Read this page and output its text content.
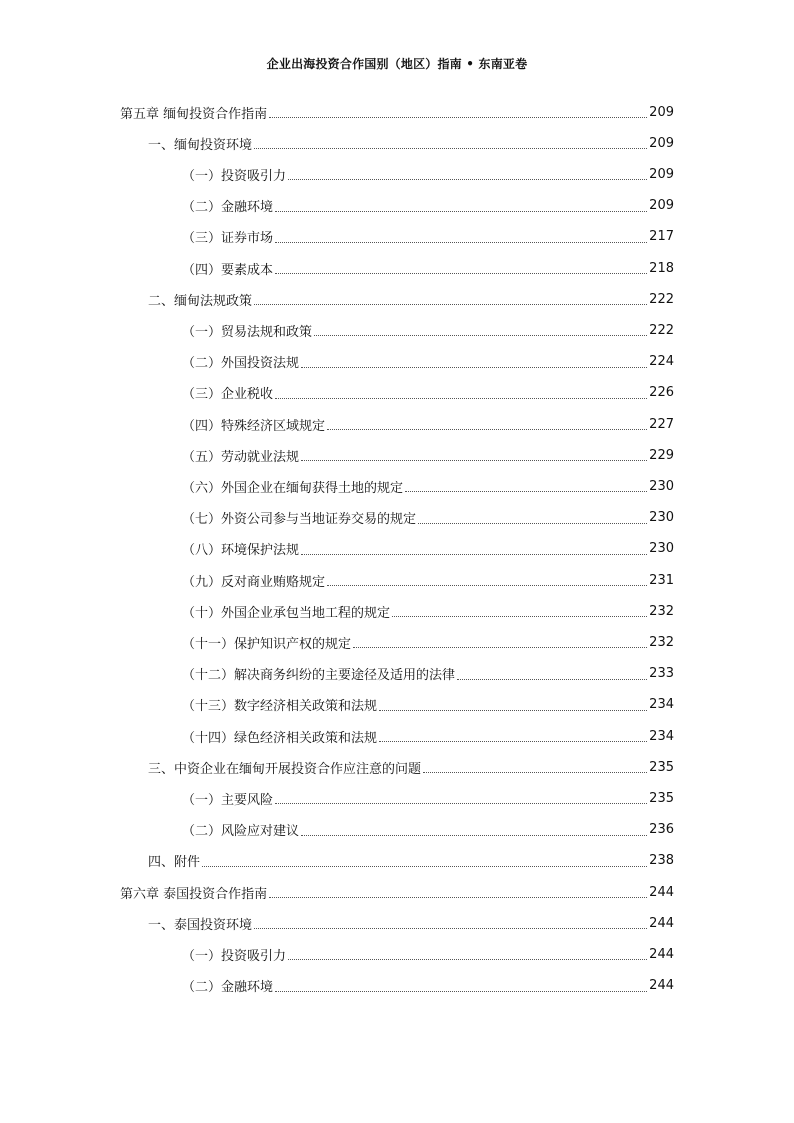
企业出海投资合作国别（地区）指南 • 东南亚卷
第五章 缅甸投资合作指南	209
一、缅甸投资环境	209
（一）投资吸引力	209
（二）金融环境	209
（三）证券市场	217
（四）要素成本	218
二、缅甸法规政策	222
（一）贸易法规和政策	222
（二）外国投资法规	224
（三）企业税收	226
（四）特殊经济区域规定	227
（五）劳动就业法规	229
（六）外国企业在缅甸获得土地的规定	230
（七）外资公司参与当地证券交易的规定	230
（八）环境保护法规	230
（九）反对商业贿赂规定	231
（十）外国企业承包当地工程的规定	232
（十一）保护知识产权的规定	232
（十二）解决商务纠纷的主要途径及适用的法律	233
（十三）数字经济相关政策和法规	234
（十四）绿色经济相关政策和法规	234
三、中资企业在缅甸开展投资合作应注意的问题	235
（一）主要风险	235
（二）风险应对建议	236
四、附件	238
第六章 泰国投资合作指南	244
一、泰国投资环境	244
（一）投资吸引力	244
（二）金融环境	244
